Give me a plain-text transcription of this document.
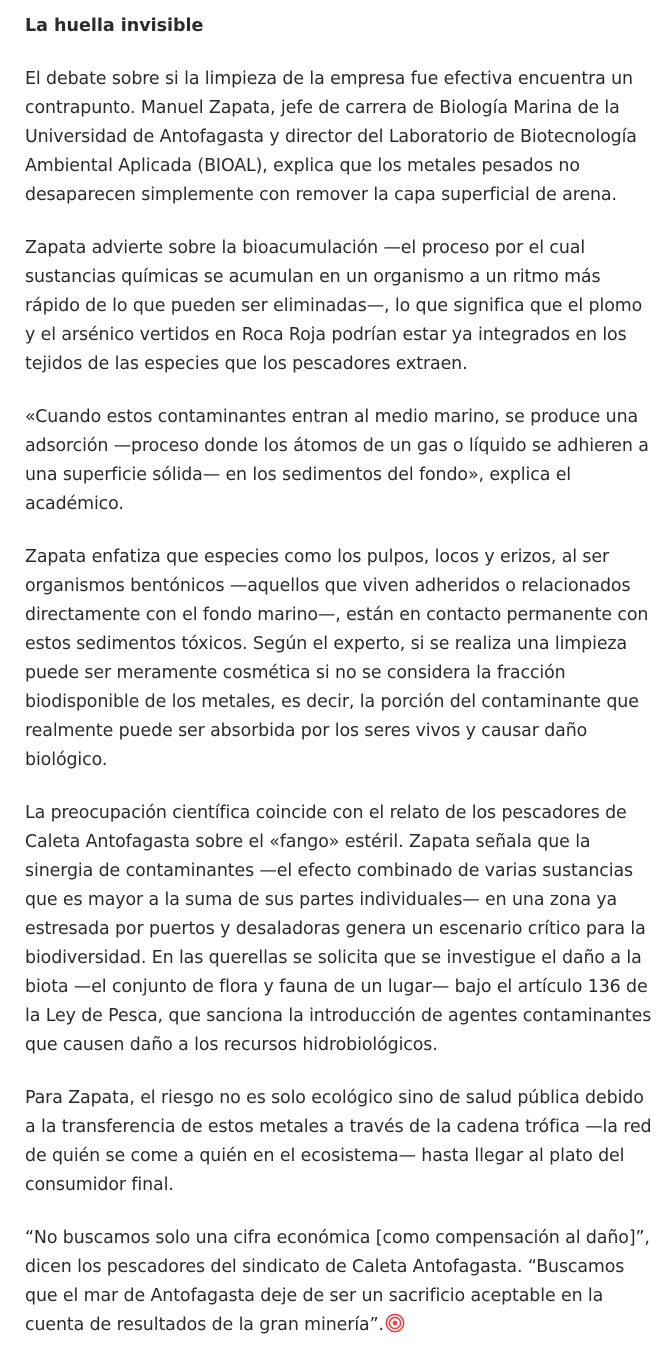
La huella invisible

El debate sobre si la limpieza de la empresa fue efectiva encuentra un contrapunto. Manuel Zapata, jefe de carrera de Biología Marina de la Universidad de Antofagasta y director del Laboratorio de Biotecnología Ambiental Aplicada (BIOAL), explica que los metales pesados no desaparecen simplemente con remover la capa superficial de arena.

Zapata advierte sobre la bioacumulación —el proceso por el cual sustancias químicas se acumulan en un organismo a un ritmo más rápido de lo que pueden ser eliminadas—, lo que significa que el plomo y el arsénico vertidos en Roca Roja podrían estar ya integrados en los tejidos de las especies que los pescadores extraen.

«Cuando estos contaminantes entran al medio marino, se produce una adsorción —proceso donde los átomos de un gas o líquido se adhieren a una superficie sólida— en los sedimentos del fondo», explica el académico.

Zapata enfatiza que especies como los pulpos, locos y erizos, al ser organismos bentónicos —aquellos que viven adheridos o relacionados directamente con el fondo marino—, están en contacto permanente con estos sedimentos tóxicos. Según el experto, si se realiza una limpieza puede ser meramente cosmética si no se considera la fracción biodisponible de los metales, es decir, la porción del contaminante que realmente puede ser absorbida por los seres vivos y causar daño biológico.

La preocupación científica coincide con el relato de los pescadores de Caleta Antofagasta sobre el «fango» estéril. Zapata señala que la sinergia de contaminantes —el efecto combinado de varias sustancias que es mayor a la suma de sus partes individuales— en una zona ya estresada por puertos y desaladoras genera un escenario crítico para la biodiversidad. En las querellas se solicita que se investigue el daño a la biota —el conjunto de flora y fauna de un lugar— bajo el artículo 136 de la Ley de Pesca, que sanciona la introducción de agentes contaminantes que causen daño a los recursos hidrobiológicos.

Para Zapata, el riesgo no es solo ecológico sino de salud pública debido a la transferencia de estos metales a través de la cadena trófica —la red de quién se come a quién en el ecosistema— hasta llegar al plato del consumidor final.

“No buscamos solo una cifra económica [como compensación al daño]”, dicen los pescadores del sindicato de Caleta Antofagasta. “Buscamos que el mar de Antofagasta deje de ser un sacrificio aceptable en la cuenta de resultados de la gran minería”.
